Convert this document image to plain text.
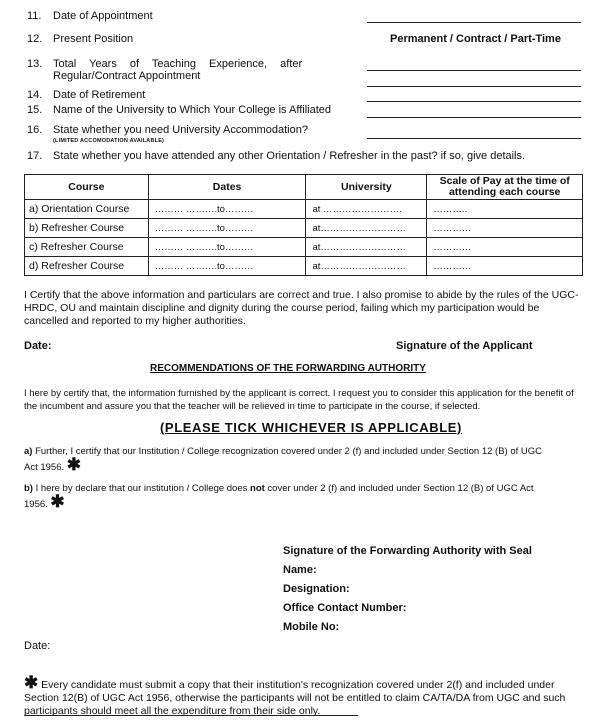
11. Date of Appointment
12. Present Position	Permanent / Contract / Part-Time
13. Total Years of Teaching Experience, after
Regular/Contract Appointment
14. Date of Retirement
15. Name of the University to Which Your College is Affiliated
16. State whether you need University Accommodation?
(LIMITED ACCOMODATION AVAILABLE)
17. State whether you have attended any other Orientation / Refresher in the past? if so, give details.
Course	Dates	University	Scale of Pay at the time of attending each course
a) Orientation Course	……… ……….to………	at …………………….	………..
b) Refresher Course	……… ……….to………	at………………………	…………
c) Refresher Course	……… ……….to………	at………………………	…………
d) Refresher Course	……… ……….to………	at………………………	…………
I Certify that the above information and particulars are correct and true. I also promise to abide by the rules of the UGC-HRDC, OU and maintain discipline and dignity during the course period, failing which my participation would be cancelled and reported to my higher authorities.
Date:	Signature of the Applicant
RECOMMENDATIONS OF THE FORWARDING AUTHORITY
I here by certify that, the information furnished by the applicant is correct. I request you to consider this application for the benefit of the incumbent and assure you that the teacher will be relieved in time to participate in the course, if selected.
(PLEASE TICK WHICHEVER IS APPLICABLE)
a) Further, I certify that our Institution / College recognization covered under 2 (f) and included under Section 12 (B) of UGC Act 1956. ✱
b) I here by declare that our institution / College does not cover under 2 (f) and included under Section 12 (B) of UGC Act 1956. ✱
Signature of the Forwarding Authority with Seal
Name:
Designation:
Office Contact Number:
Mobile No:
Date:
✱ Every candidate must submit a copy that their institution's recognization covered under 2(f) and included under Section 12(B) of UGC Act 1956, otherwise the participants will not be entitled to claim CA/TA/DA from UGC and such participants should meet all the expenditure from their side only.
